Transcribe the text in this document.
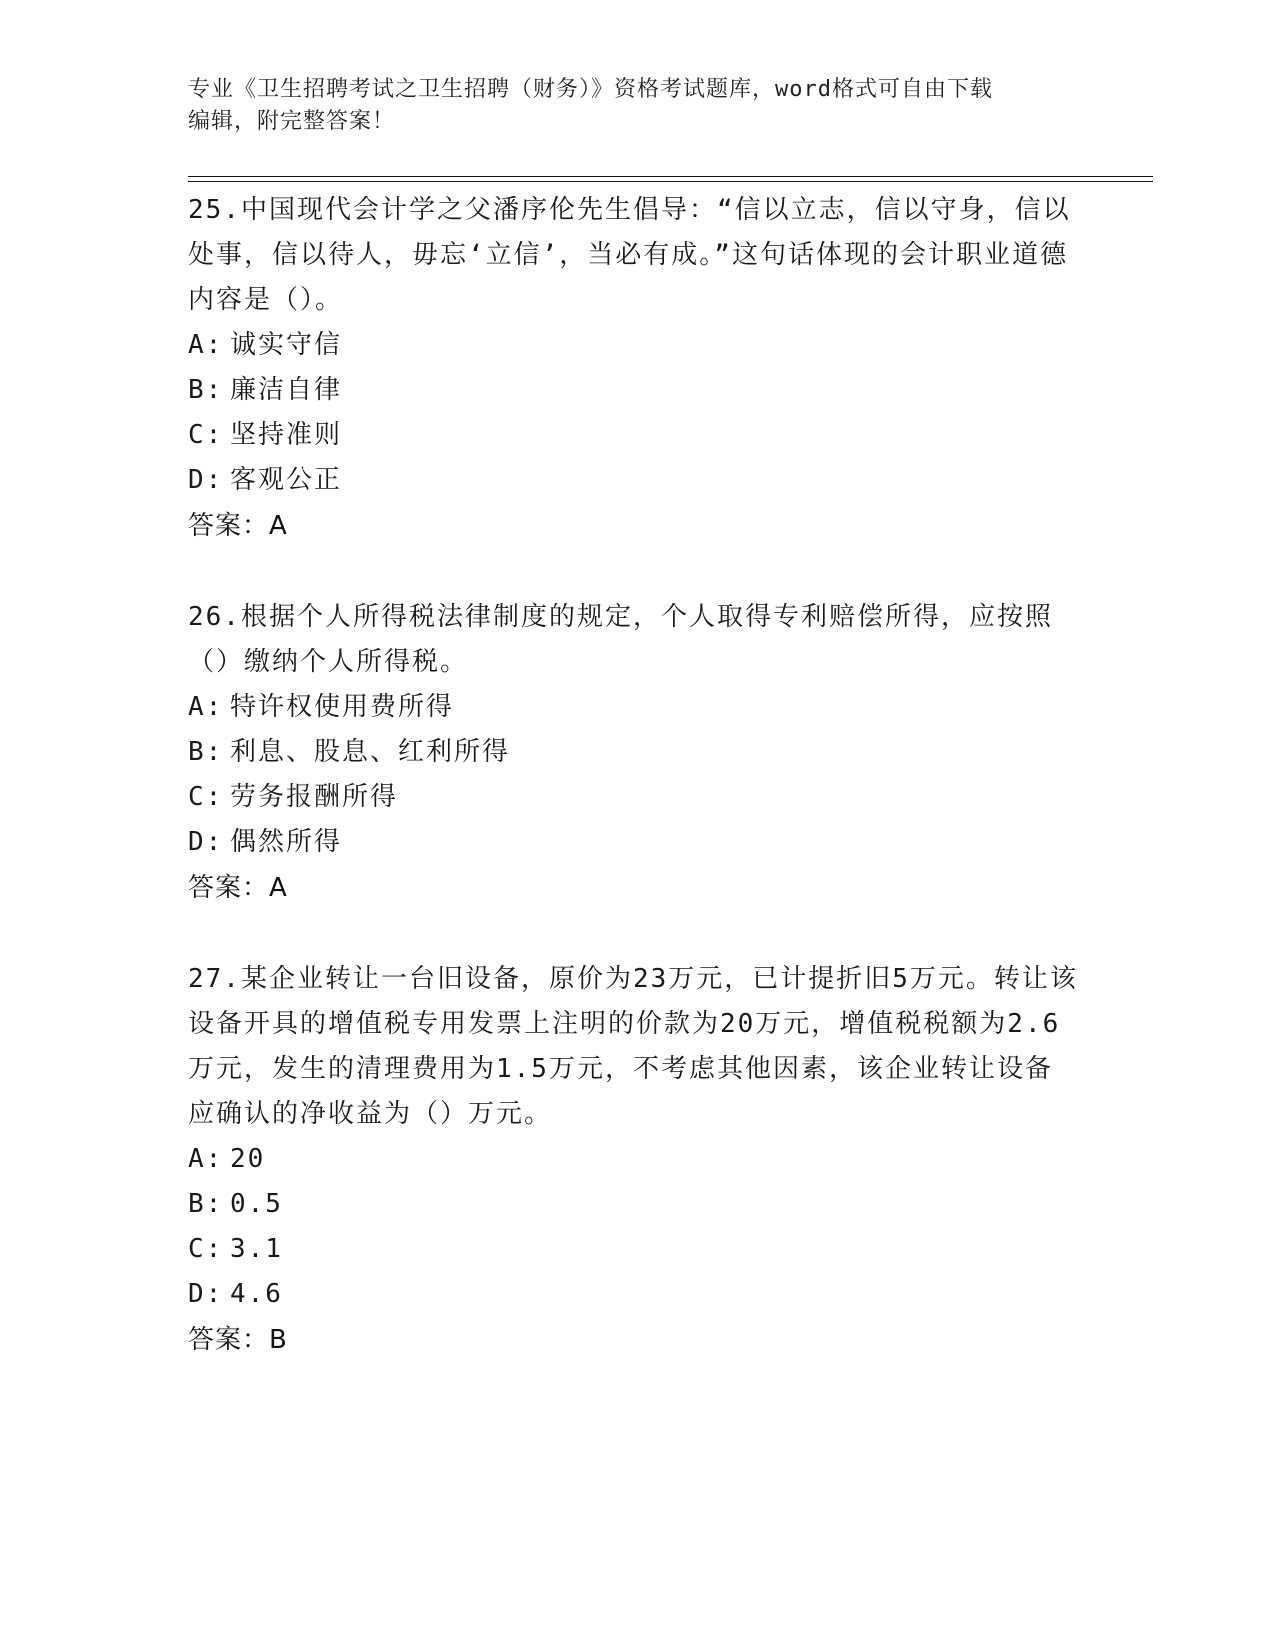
专业《卫生招聘考试之卫生招聘（财务）》资格考试题库，word格式可自由下载
编辑，附完整答案！
25.中国现代会计学之父潘序伦先生倡导：“信以立志，信以守身，信以处事，信以待人，毋忘‘立信’，当必有成。”这句话体现的会计职业道德内容是（）。
A: 诚实守信
B: 廉洁自律
C: 坚持准则
D: 客观公正
答案：A
26.根据个人所得税法律制度的规定，个人取得专利赔偿所得，应按照（）缴纳个人所得税。
A: 特许权使用费所得
B: 利息、股息、红利所得
C: 劳务报酬所得
D: 偶然所得
答案：A
27.某企业转让一台旧设备，原价为23万元，已计提折旧5万元。转让该设备开具的增值税专用发票上注明的价款为20万元，增值税税额为2.6万元，发生的清理费用为1.5万元，不考虑其他因素，该企业转让设备应确认的净收益为（）万元。
A: 20
B: 0.5
C: 3.1
D: 4.6
答案：B
